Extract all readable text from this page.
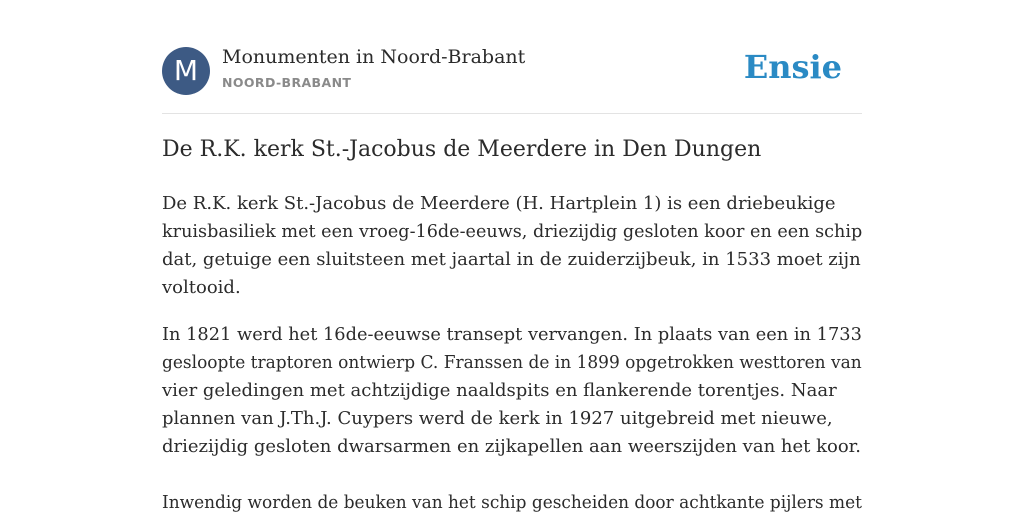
M	Monumenten in Noord-Brabant
NOORD-BRABANT	Ensie
De R.K. kerk St.-Jacobus de Meerdere in Den Dungen

De R.K. kerk St.-Jacobus de Meerdere (H. Hartplein 1) is een driebeukige
kruisbasiliek met een vroeg-16de-eeuws, driezijdig gesloten koor en een schip
dat, getuige een sluitsteen met jaartal in de zuiderzijbeuk, in 1533 moet zijn
voltooid.

In 1821 werd het 16de-eeuwse transept vervangen. In plaats van een in 1733 gesloopte traptoren ontwierp C. Franssen de in 1899 opgetrokken westtoren van
vier geledingen met achtzijdige naaldspits en flankerende torentjes. Naar
plannen van J.Th.J. Cuypers werd de kerk in 1927 uitgebreid met nieuwe,
driezijdig gesloten dwarsarmen en zijkapellen aan weerszijden van het koor.

Inwendig worden de beuken van het schip gescheiden door achtkante pijlers met
